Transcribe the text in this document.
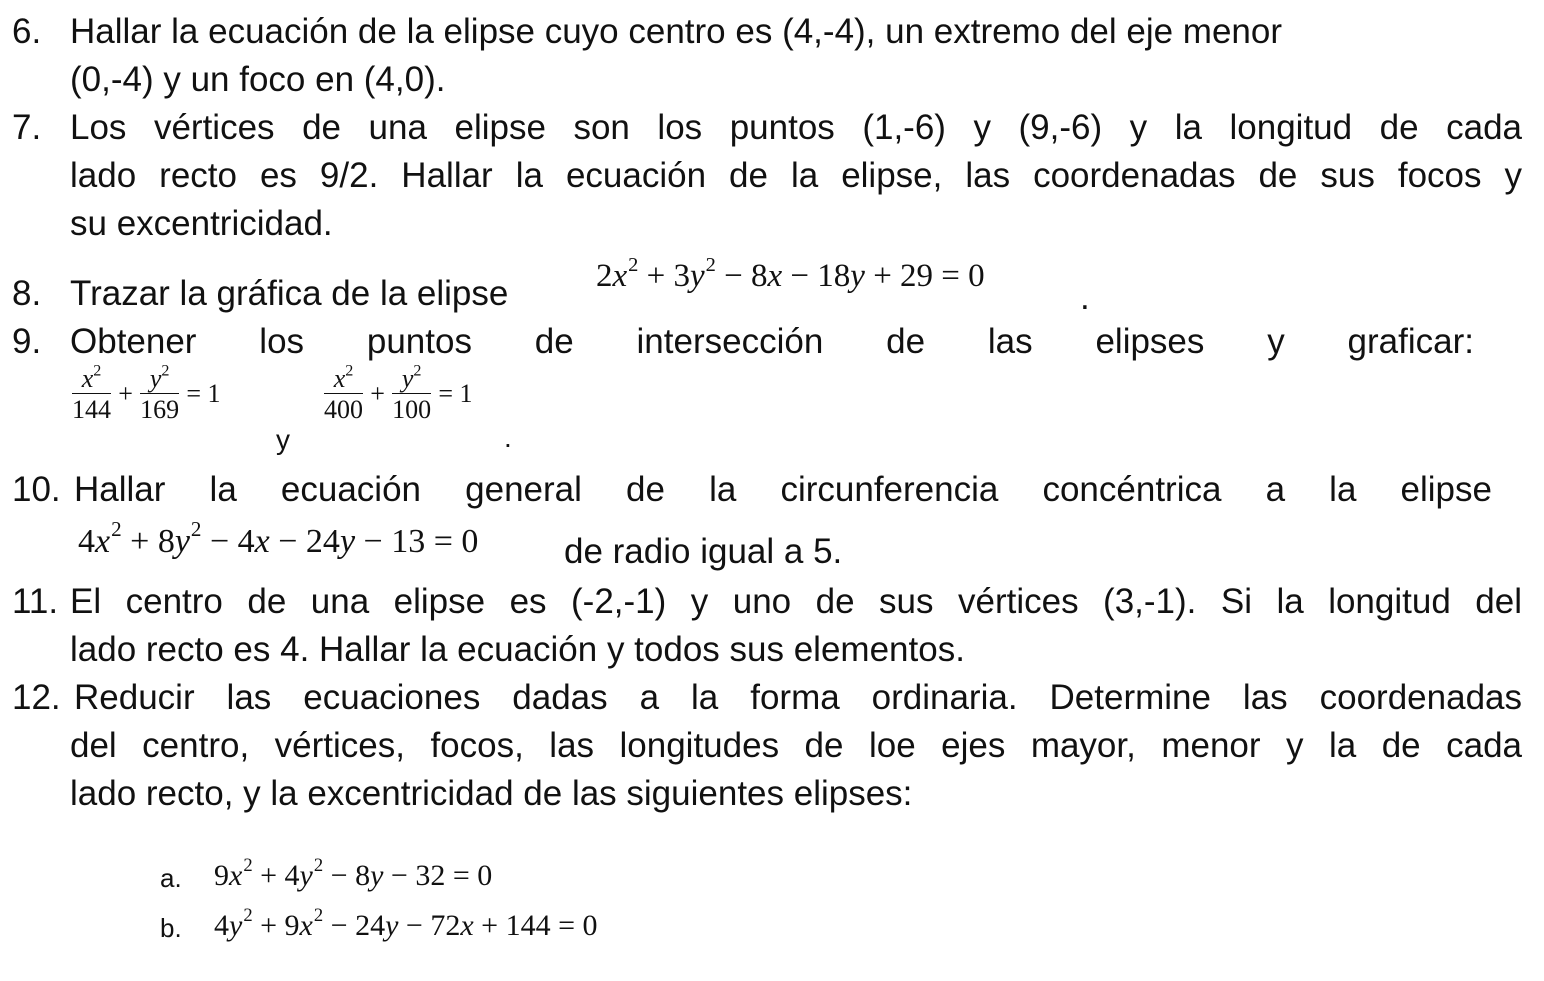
6. Hallar la ecuación de la elipse cuyo centro es (4,-4), un extremo del eje menor
(0,-4) y un foco en (4,0).
7. Los vértices de una elipse son los puntos (1,-6) y (9,-6) y la longitud de cada
lado recto es 9/2. Hallar la ecuación de la elipse, las coordenadas de sus focos y
su excentricidad.
8. Trazar la gráfica de la elipse	$2x^2 + 3y^2 - 8x - 18y + 29 = 0$
.
9. Obtener los puntos de intersección de las elipses y graficar:
$\frac{x^2}{144} + \frac{y^2}{169} = 1$
y
$\frac{x^2}{400} + \frac{y^2}{100} = 1$
.
10. Hallar la ecuación general de la circunferencia concéntrica a la elipse
$4x^2 + 8y^2 - 4x - 24y - 13 = 0$ de radio igual a 5.
11. El centro de una elipse es (-2,-1) y uno de sus vértices (3,-1). Si la longitud del
lado recto es 4. Hallar la ecuación y todos sus elementos.
12. Reducir las ecuaciones dadas a la forma ordinaria. Determine las coordenadas
del centro, vértices, focos, las longitudes de loe ejes mayor, menor y la de cada
lado recto, y la excentricidad de las siguientes elipses:
a. $9x^2 + 4y^2 - 8y - 32 = 0$
b. $4y^2 + 9x^2 - 24y - 72x + 144 = 0$
